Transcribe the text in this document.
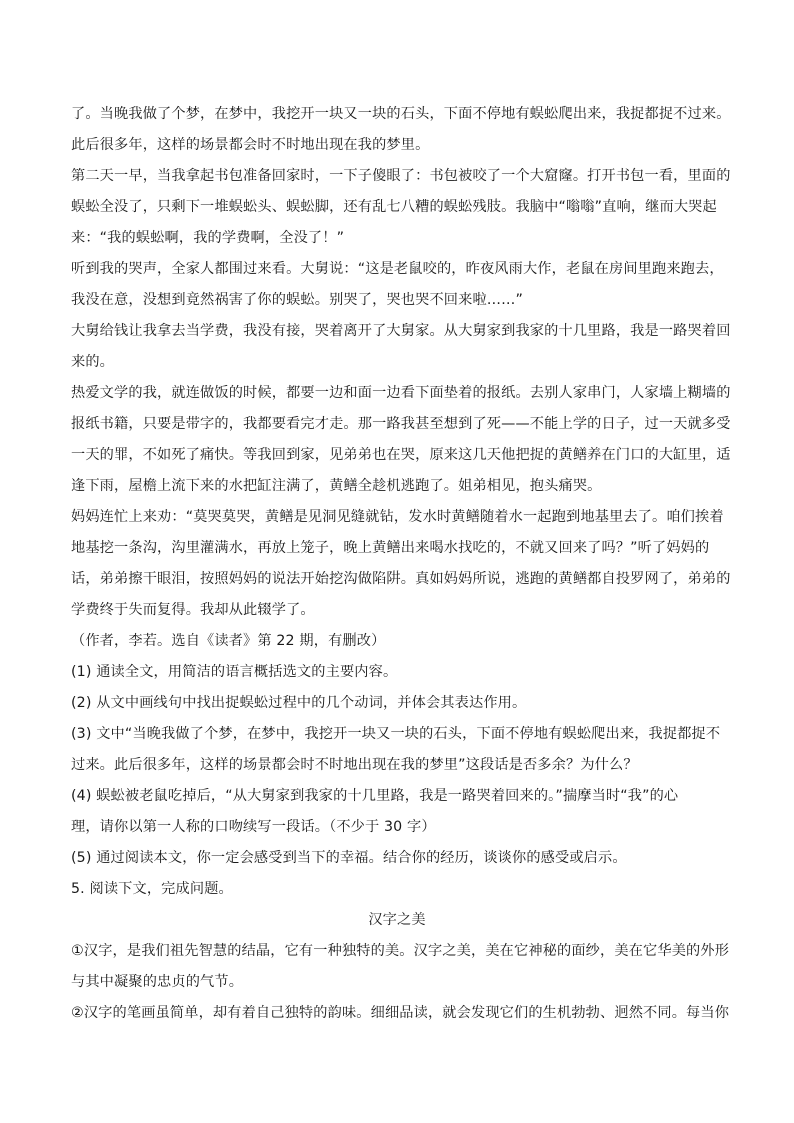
了。当晚我做了个梦，在梦中，我挖开一块又一块的石头，下面不停地有蜈蚣爬出来，我捉都捉不过来。
此后很多年，这样的场景都会时不时地出现在我的梦里。
第二天一早，当我拿起书包准备回家时，一下子傻眼了：书包被咬了一个大窟窿。打开书包一看，里面的
蜈蚣全没了，只剩下一堆蜈蚣头、蜈蚣脚，还有乱七八糟的蜈蚣残肢。我脑中“嗡嗡”直响，继而大哭起
来：“我的蜈蚣啊，我的学费啊，全没了！”
听到我的哭声，全家人都围过来看。大舅说：“这是老鼠咬的，昨夜风雨大作，老鼠在房间里跑来跑去，
我没在意，没想到竟然祸害了你的蜈蚣。别哭了，哭也哭不回来啦……”
大舅给钱让我拿去当学费，我没有接，哭着离开了大舅家。从大舅家到我家的十几里路，我是一路哭着回
来的。
热爱文学的我，就连做饭的时候，都要一边和面一边看下面垫着的报纸。去别人家串门，人家墙上糊墙的
报纸书籍，只要是带字的，我都要看完才走。那一路我甚至想到了死——不能上学的日子，过一天就多受
一天的罪，不如死了痛快。等我回到家，见弟弟也在哭，原来这几天他把捉的黄鳝养在门口的大缸里，适
逢下雨，屋檐上流下来的水把缸注满了，黄鳝全趁机逃跑了。姐弟相见，抱头痛哭。
妈妈连忙上来劝：“莫哭莫哭，黄鳝是见洞见缝就钻，发水时黄鳝随着水一起跑到地基里去了。咱们挨着
地基挖一条沟，沟里灌满水，再放上笼子，晚上黄鳝出来喝水找吃的，不就又回来了吗？”听了妈妈的
话，弟弟擦干眼泪，按照妈妈的说法开始挖沟做陷阱。真如妈妈所说，逃跑的黄鳝都自投罗网了，弟弟的
学费终于失而复得。我却从此辍学了。
（作者，李若。选自《读者》第 22 期，有删改）
(1) 通读全文，用简洁的语言概括选文的主要内容。
(2) 从文中画线句中找出捉蜈蚣过程中的几个动词，并体会其表达作用。
(3) 文中“当晚我做了个梦，在梦中，我挖开一块又一块的石头，下面不停地有蜈蚣爬出来，我捉都捉不
过来。此后很多年，这样的场景都会时不时地出现在我的梦里”这段话是否多余？为什么？
(4) 蜈蚣被老鼠吃掉后，“从大舅家到我家的十几里路，我是一路哭着回来的。”揣摩当时“我”的心
理，请你以第一人称的口吻续写一段话。（不少于 30 字）
(5) 通过阅读本文，你一定会感受到当下的幸福。结合你的经历，谈谈你的感受或启示。
5. 阅读下文，完成问题。
汉字之美
①汉字，是我们祖先智慧的结晶，它有一种独特的美。汉字之美，美在它神秘的面纱，美在它华美的外形
与其中凝聚的忠贞的气节。
②汉字的笔画虽简单，却有着自己独特的韵味。细细品读，就会发现它们的生机勃勃、迥然不同。每当你
